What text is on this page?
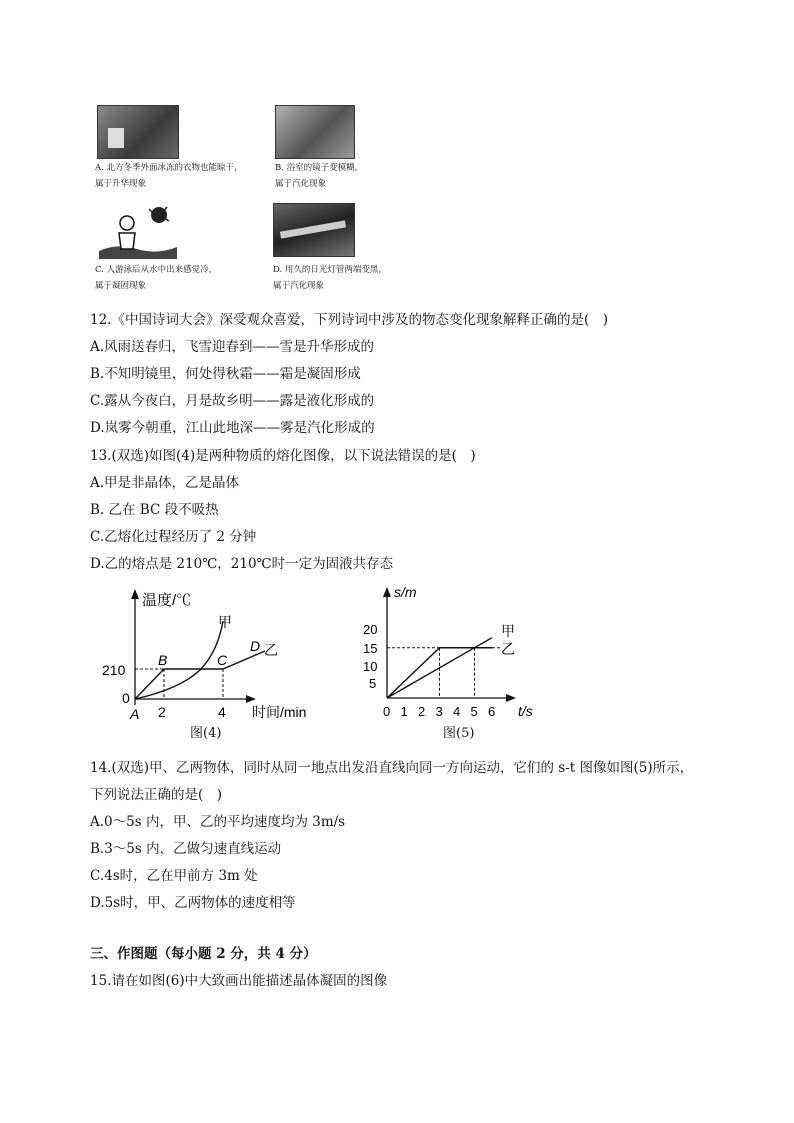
A. 北方冬季外面冰冻的衣物也能晾干，
属于升华现象
B. 浴室的镜子变模糊，
属于汽化现象
C. 人游泳后从水中出来感觉冷，
属于凝固现象
D. 用久的日光灯管两端变黑，
属于汽化现象
12.《中国诗词大会》深受观众喜爱，下列诗词中涉及的物态变化现象解释正确的是(　)
A.风雨送春归，飞雪迎春到——雪是升华形成的
B.不知明镜里，何处得秋霜——霜是凝固形成
C.露从今夜白，月是故乡明——露是液化形成的
D.岚雾今朝重，江山此地深——雾是汽化形成的
13.(双选)如图(4)是两种物质的熔化图像，以下说法错误的是(　)
A.甲是非晶体，乙是晶体
B. 乙在 BC 段不吸热
C.乙熔化过程经历了 2 分钟
D.乙的熔点是 210℃，210℃时一定为固液共存态
温度/℃
210
0
2	4
A
B	C
D
甲
乙
时间/min
图(4)
s/m
5
10
15
20
0 1 2 3 4 5 6 t/s
甲
乙
图(5)
14.(双选)甲、乙两物体，同时从同一地点出发沿直线向同一方向运动，它们的 s-t 图像如图(5)所示，
下列说法正确的是(　)
A.0～5s 内，甲、乙的平均速度均为 3m/s
B.3～5s 内，乙做匀速直线运动
C.4s时，乙在甲前方 3m 处
D.5s时，甲、乙两物体的速度相等
三、作图题（每小题 2 分，共 4 分）
15.请在如图(6)中大致画出能描述晶体凝固的图像
